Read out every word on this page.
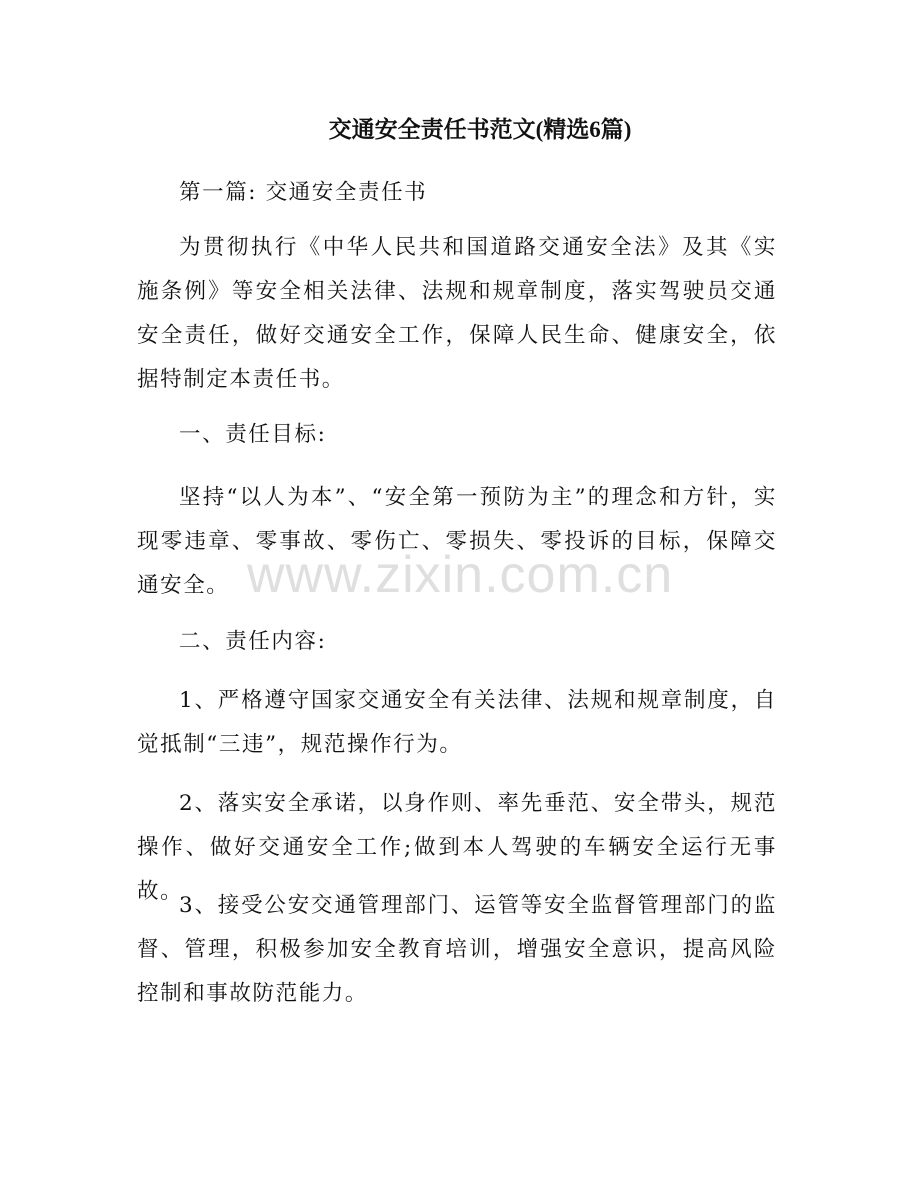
交通安全责任书范文(精选6篇)
第一篇: 交通安全责任书
为贯彻执行《中华人民共和国道路交通安全法》及其《实施条例》等安全相关法律、法规和规章制度，落实驾驶员交通安全责任，做好交通安全工作，保障人民生命、健康安全，依据特制定本责任书。
一、责任目标:
坚持“以人为本”、“安全第一预防为主”的理念和方针，实现零违章、零事故、零伤亡、零损失、零投诉的目标，保障交通安全。
二、责任内容:
1、严格遵守国家交通安全有关法律、法规和规章制度，自觉抵制“三违”，规范操作行为。
2、落实安全承诺，以身作则、率先垂范、安全带头，规范操作、做好交通安全工作;做到本人驾驶的车辆安全运行无事故。
3、接受公安交通管理部门、运管等安全监督管理部门的监督、管理，积极参加安全教育培训，增强安全意识，提高风险控制和事故防范能力。
www.zixin.com.cn
